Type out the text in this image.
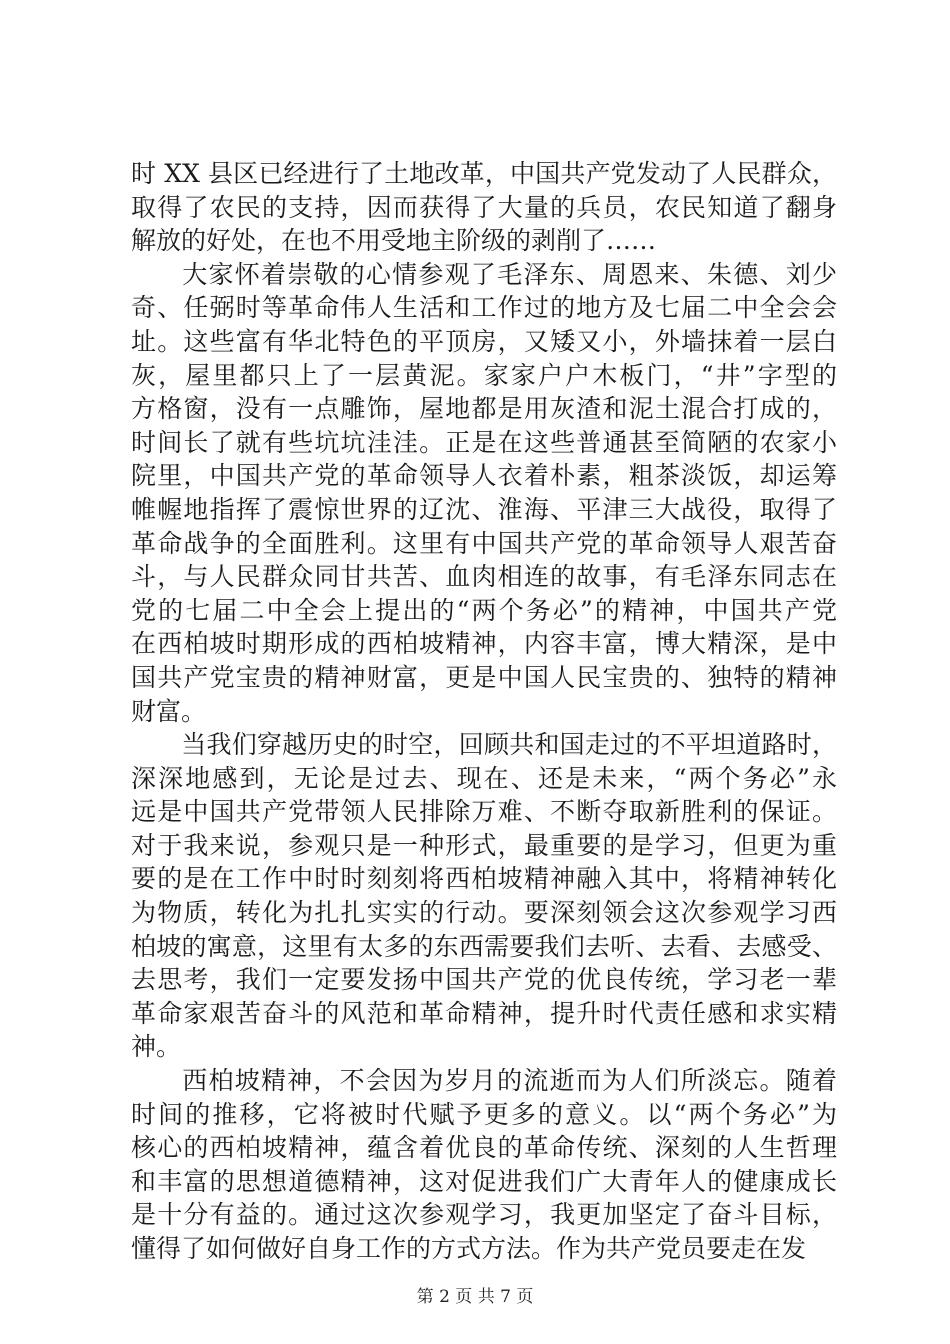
时 XX 县区已经进行了土地改革，中国共产党发动了人民群众，
取得了农民的支持，因而获得了大量的兵员，农民知道了翻身
解放的好处，在也不用受地主阶级的剥削了……

大家怀着崇敬的心情参观了毛泽东、周恩来、朱德、刘少
奇、任弼时等革命伟人生活和工作过的地方及七届二中全会会
址。这些富有华北特色的平顶房，又矮又小，外墙抹着一层白
灰，屋里都只上了一层黄泥。家家户户木板门，“井”字型的
方格窗，没有一点雕饰，屋地都是用灰渣和泥土混合打成的，
时间长了就有些坑坑洼洼。正是在这些普通甚至简陋的农家小
院里，中国共产党的革命领导人衣着朴素，粗茶淡饭，却运筹
帷幄地指挥了震惊世界的辽沈、淮海、平津三大战役，取得了
革命战争的全面胜利。这里有中国共产党的革命领导人艰苦奋
斗，与人民群众同甘共苦、血肉相连的故事，有毛泽东同志在
党的七届二中全会上提出的“两个务必”的精神，中国共产党
在西柏坡时期形成的西柏坡精神，内容丰富，博大精深，是中
国共产党宝贵的精神财富，更是中国人民宝贵的、独特的精神
财富。

当我们穿越历史的时空，回顾共和国走过的不平坦道路时，
深深地感到，无论是过去、现在、还是未来，“两个务必”永
远是中国共产党带领人民排除万难、不断夺取新胜利的保证。
对于我来说，参观只是一种形式，最重要的是学习，但更为重
要的是在工作中时时刻刻将西柏坡精神融入其中，将精神转化
为物质，转化为扎扎实实的行动。要深刻领会这次参观学习西
柏坡的寓意，这里有太多的东西需要我们去听、去看、去感受、
去思考，我们一定要发扬中国共产党的优良传统，学习老一辈
革命家艰苦奋斗的风范和革命精神，提升时代责任感和求实精
神。

西柏坡精神，不会因为岁月的流逝而为人们所淡忘。随着
时间的推移，它将被时代赋予更多的意义。以“两个务必”为
核心的西柏坡精神，蕴含着优良的革命传统、深刻的人生哲理
和丰富的思想道德精神，这对促进我们广大青年人的健康成长
是十分有益的。通过这次参观学习，我更加坚定了奋斗目标，
懂得了如何做好自身工作的方式方法。作为共产党员要走在发

第 2 页 共 7 页
